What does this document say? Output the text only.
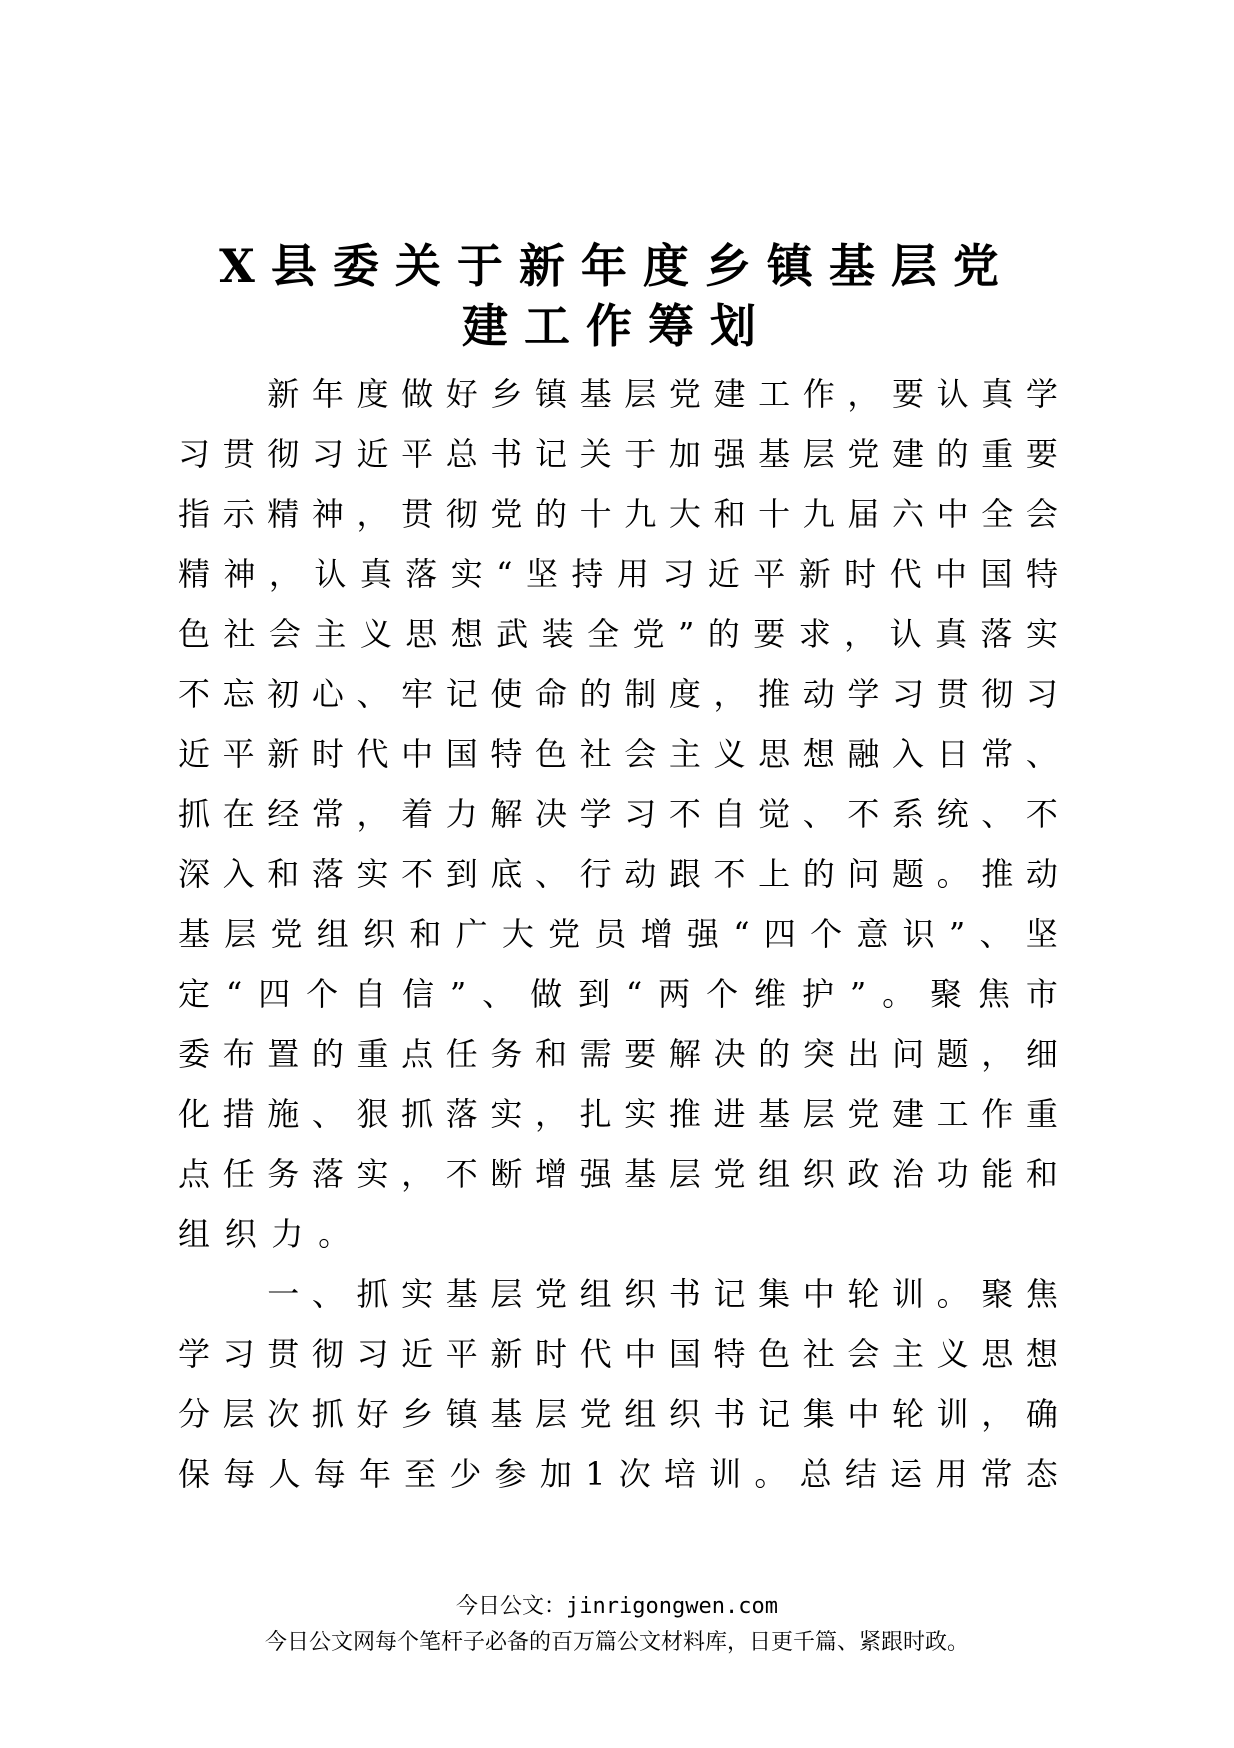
X县委关于新年度乡镇基层党
建工作筹划

新 年 度 做 好 乡 镇 基 层 党 建 工 作 ， 要 认 真 学
习 贯 彻 习 近 平 总 书 记 关 于 加 强 基 层 党 建 的 重 要
指 示 精 神 ， 贯 彻 党 的 十 九 大 和 十 九 届 六 中 全 会
精 神 ， 认 真 落 实 “ 坚 持 用 习 近 平 新 时 代 中 国 特
色 社 会 主 义 思 想 武 装 全 党 ” 的 要 求 ， 认 真 落 实
不 忘 初 心 、 牢 记 使 命 的 制 度 ， 推 动 学 习 贯 彻 习
近 平 新 时 代 中 国 特 色 社 会 主 义 思 想 融 入 日 常 、
抓 在 经 常 ， 着 力 解 决 学 习 不 自 觉 、 不 系 统 、 不
深 入 和 落 实 不 到 底 、 行 动 跟 不 上 的 问 题 。 推 动
基 层 党 组 织 和 广 大 党 员 增 强 “ 四 个 意 识 ” 、 坚
定 “ 四 个 自 信 ” 、 做 到 “ 两 个 维 护 ” 。 聚 焦 市
委 布 置 的 重 点 任 务 和 需 要 解 决 的 突 出 问 题 ， 细
化 措 施 、 狠 抓 落 实 ， 扎 实 推 进 基 层 党 建 工 作 重
点 任 务 落 实 ， 不 断 增 强 基 层 党 组 织 政 治 功 能 和
组织力。

一 、 抓 实 基 层 党 组 织 书 记 集 中 轮 训 。 聚 焦
学 习 贯 彻 习 近 平 新 时 代 中 国 特 色 社 会 主 义 思 想
分 层 次 抓 好 乡 镇 基 层 党 组 织 书 记 集 中 轮 训 ， 确
保 每 人 每 年 至 少 参 加 1 次 培 训 。 总 结 运 用 常 态
今日公文：jinrigongwen.com
今日公文网每个笔杆子必备的百万篇公文材料库，日更千篇、紧跟时政。
